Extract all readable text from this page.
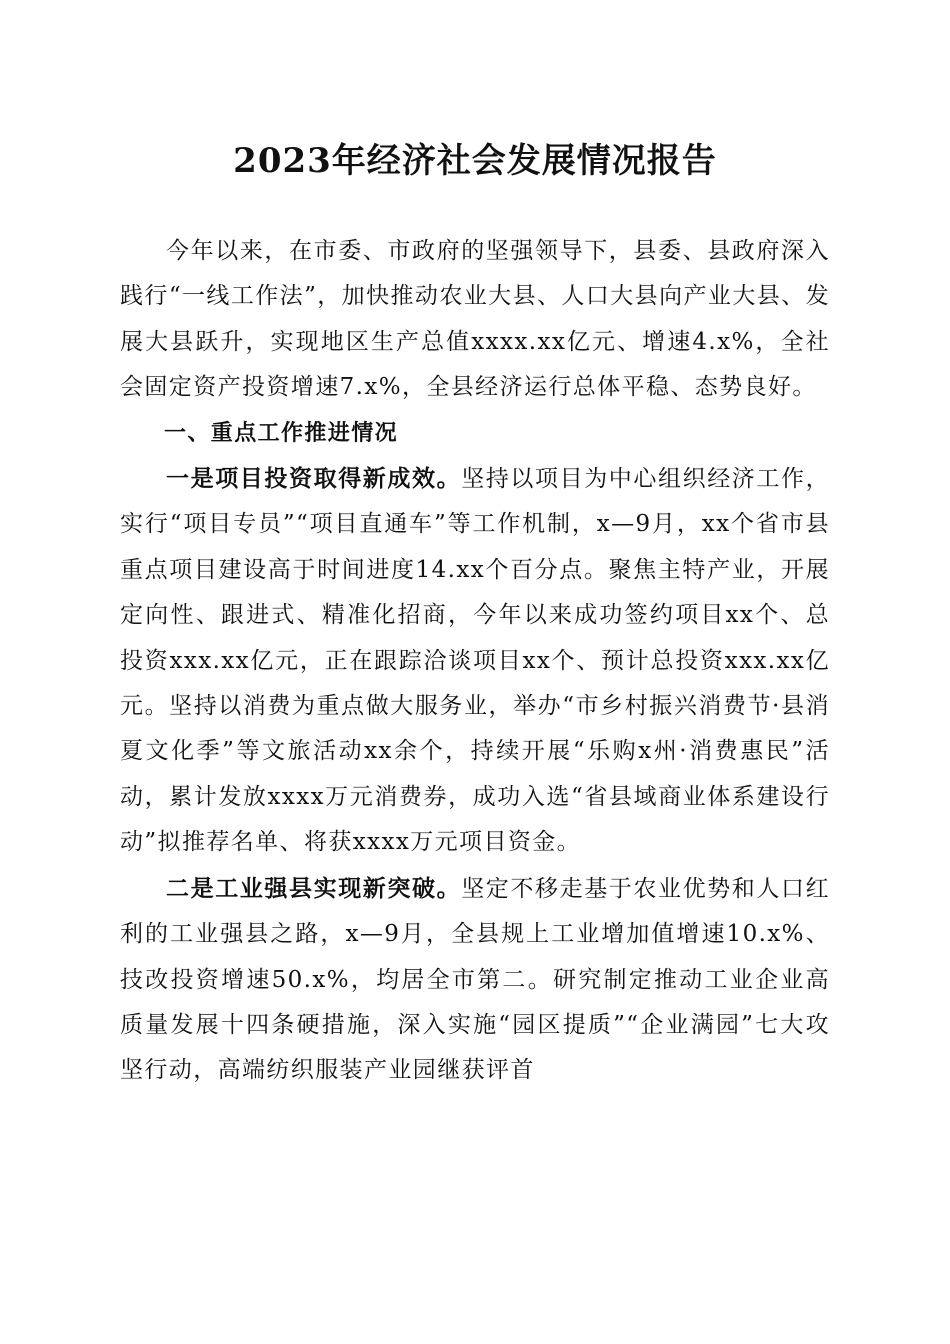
2023年经济社会发展情况报告

今年以来，在市委、市政府的坚强领导下，县委、县政府深入践行“一线工作法”，加快推动农业大县、人口大县向产业大县、发展大县跃升，实现地区生产总值xxxx.xx亿元、增速4.x%，全社会固定资产投资增速7.x%，全县经济运行总体平稳、态势良好。

一、重点工作推进情况

一是项目投资取得新成效。坚持以项目为中心组织经济工作，实行“项目专员”“项目直通车”等工作机制，x—9月，xx个省市县重点项目建设高于时间进度14.xx个百分点。聚焦主特产业，开展定向性、跟进式、精准化招商，今年以来成功签约项目xx个、总投资xxx.xx亿元，正在跟踪洽谈项目xx个、预计总投资xxx.xx亿元。坚持以消费为重点做大服务业，举办“市乡村振兴消费节·县消夏文化季”等文旅活动xx余个，持续开展“乐购x州·消费惠民”活动，累计发放xxxx万元消费券，成功入选“省县域商业体系建设行动”拟推荐名单、将获xxxx万元项目资金。

二是工业强县实现新突破。坚定不移走基于农业优势和人口红利的工业强县之路，x—9月，全县规上工业增加值增速10.x%、技改投资增速50.x%，均居全市第二。研究制定推动工业企业高质量发展十四条硬措施，深入实施“园区提质”“企业满园”七大攻坚行动，高端纺织服装产业园继获评首
